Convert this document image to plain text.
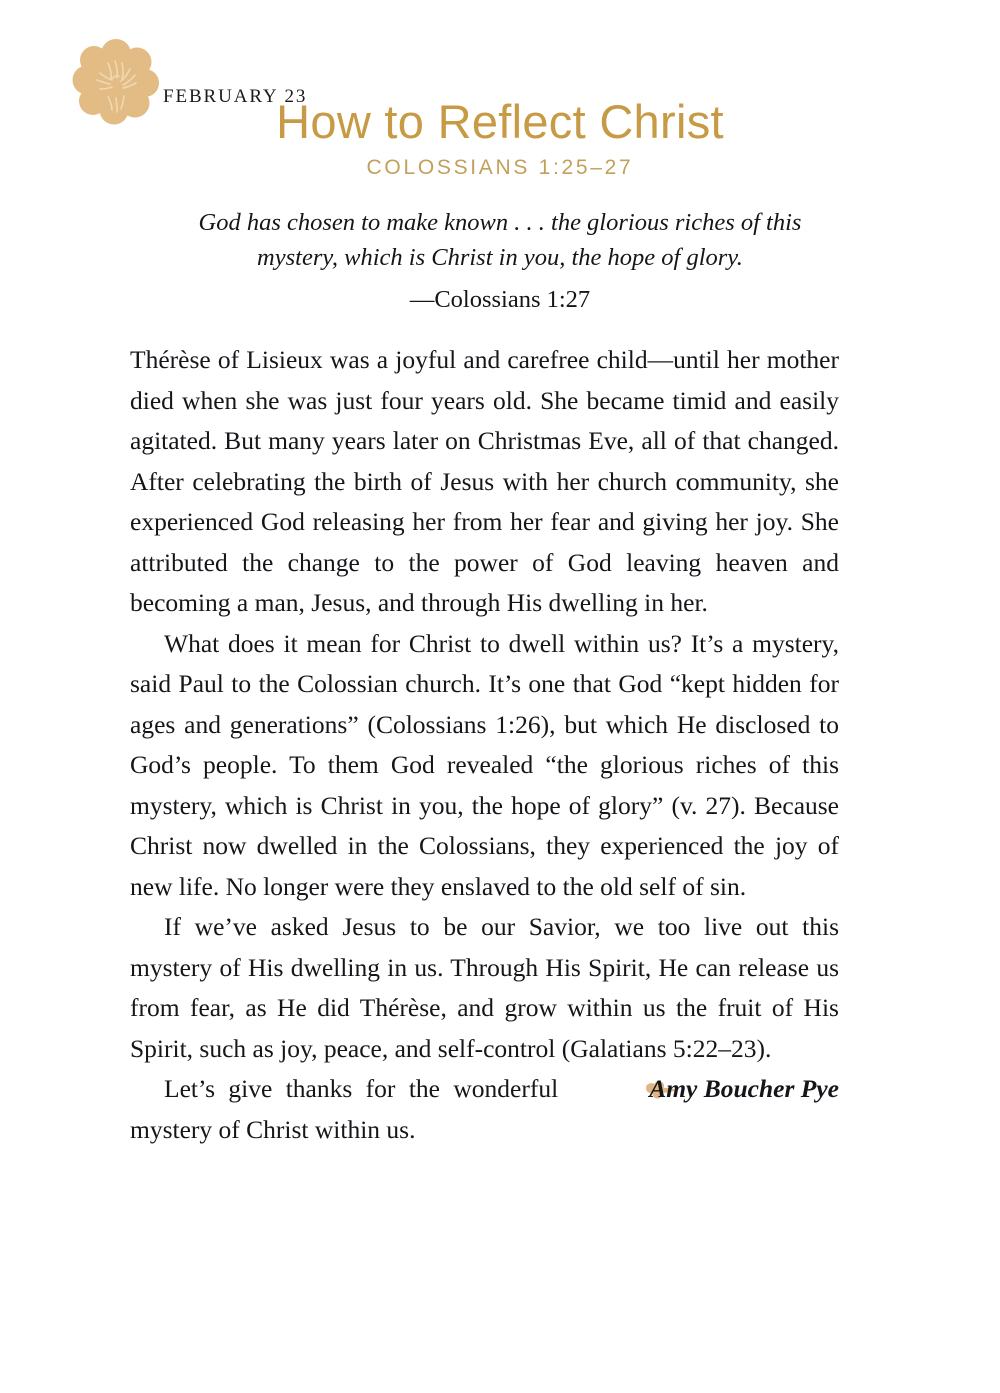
FEBRUARY 23
How to Reflect Christ
COLOSSIANS 1:25–27

God has chosen to make known . . . the glorious riches of this mystery, which is Christ in you, the hope of glory.

—Colossians 1:27

Thérèse of Lisieux was a joyful and carefree child—until her mother died when she was just four years old. She became timid and easily agitated. But many years later on Christmas Eve, all of that changed. After celebrating the birth of Jesus with her church community, she experienced God releasing her from her fear and giving her joy. She attributed the change to the power of God leaving heaven and becoming a man, Jesus, and through His dwelling in her.

What does it mean for Christ to dwell within us? It’s a mystery, said Paul to the Colossian church. It’s one that God “kept hidden for ages and generations” (Colossians 1:26), but which He disclosed to God’s people. To them God revealed “the glorious riches of this mystery, which is Christ in you, the hope of glory” (v. 27). Because Christ now dwelled in the Colossians, they experienced the joy of new life. No longer were they enslaved to the old self of sin.

If we’ve asked Jesus to be our Savior, we too live out this mystery of His dwelling in us. Through His Spirit, He can release us from fear, as He did Thérèse, and grow within us the fruit of His Spirit, such as joy, peace, and self-control (Galatians 5:22–23).

Amy Boucher Pye
Let’s give thanks for the wonderful mystery of Christ within us.
